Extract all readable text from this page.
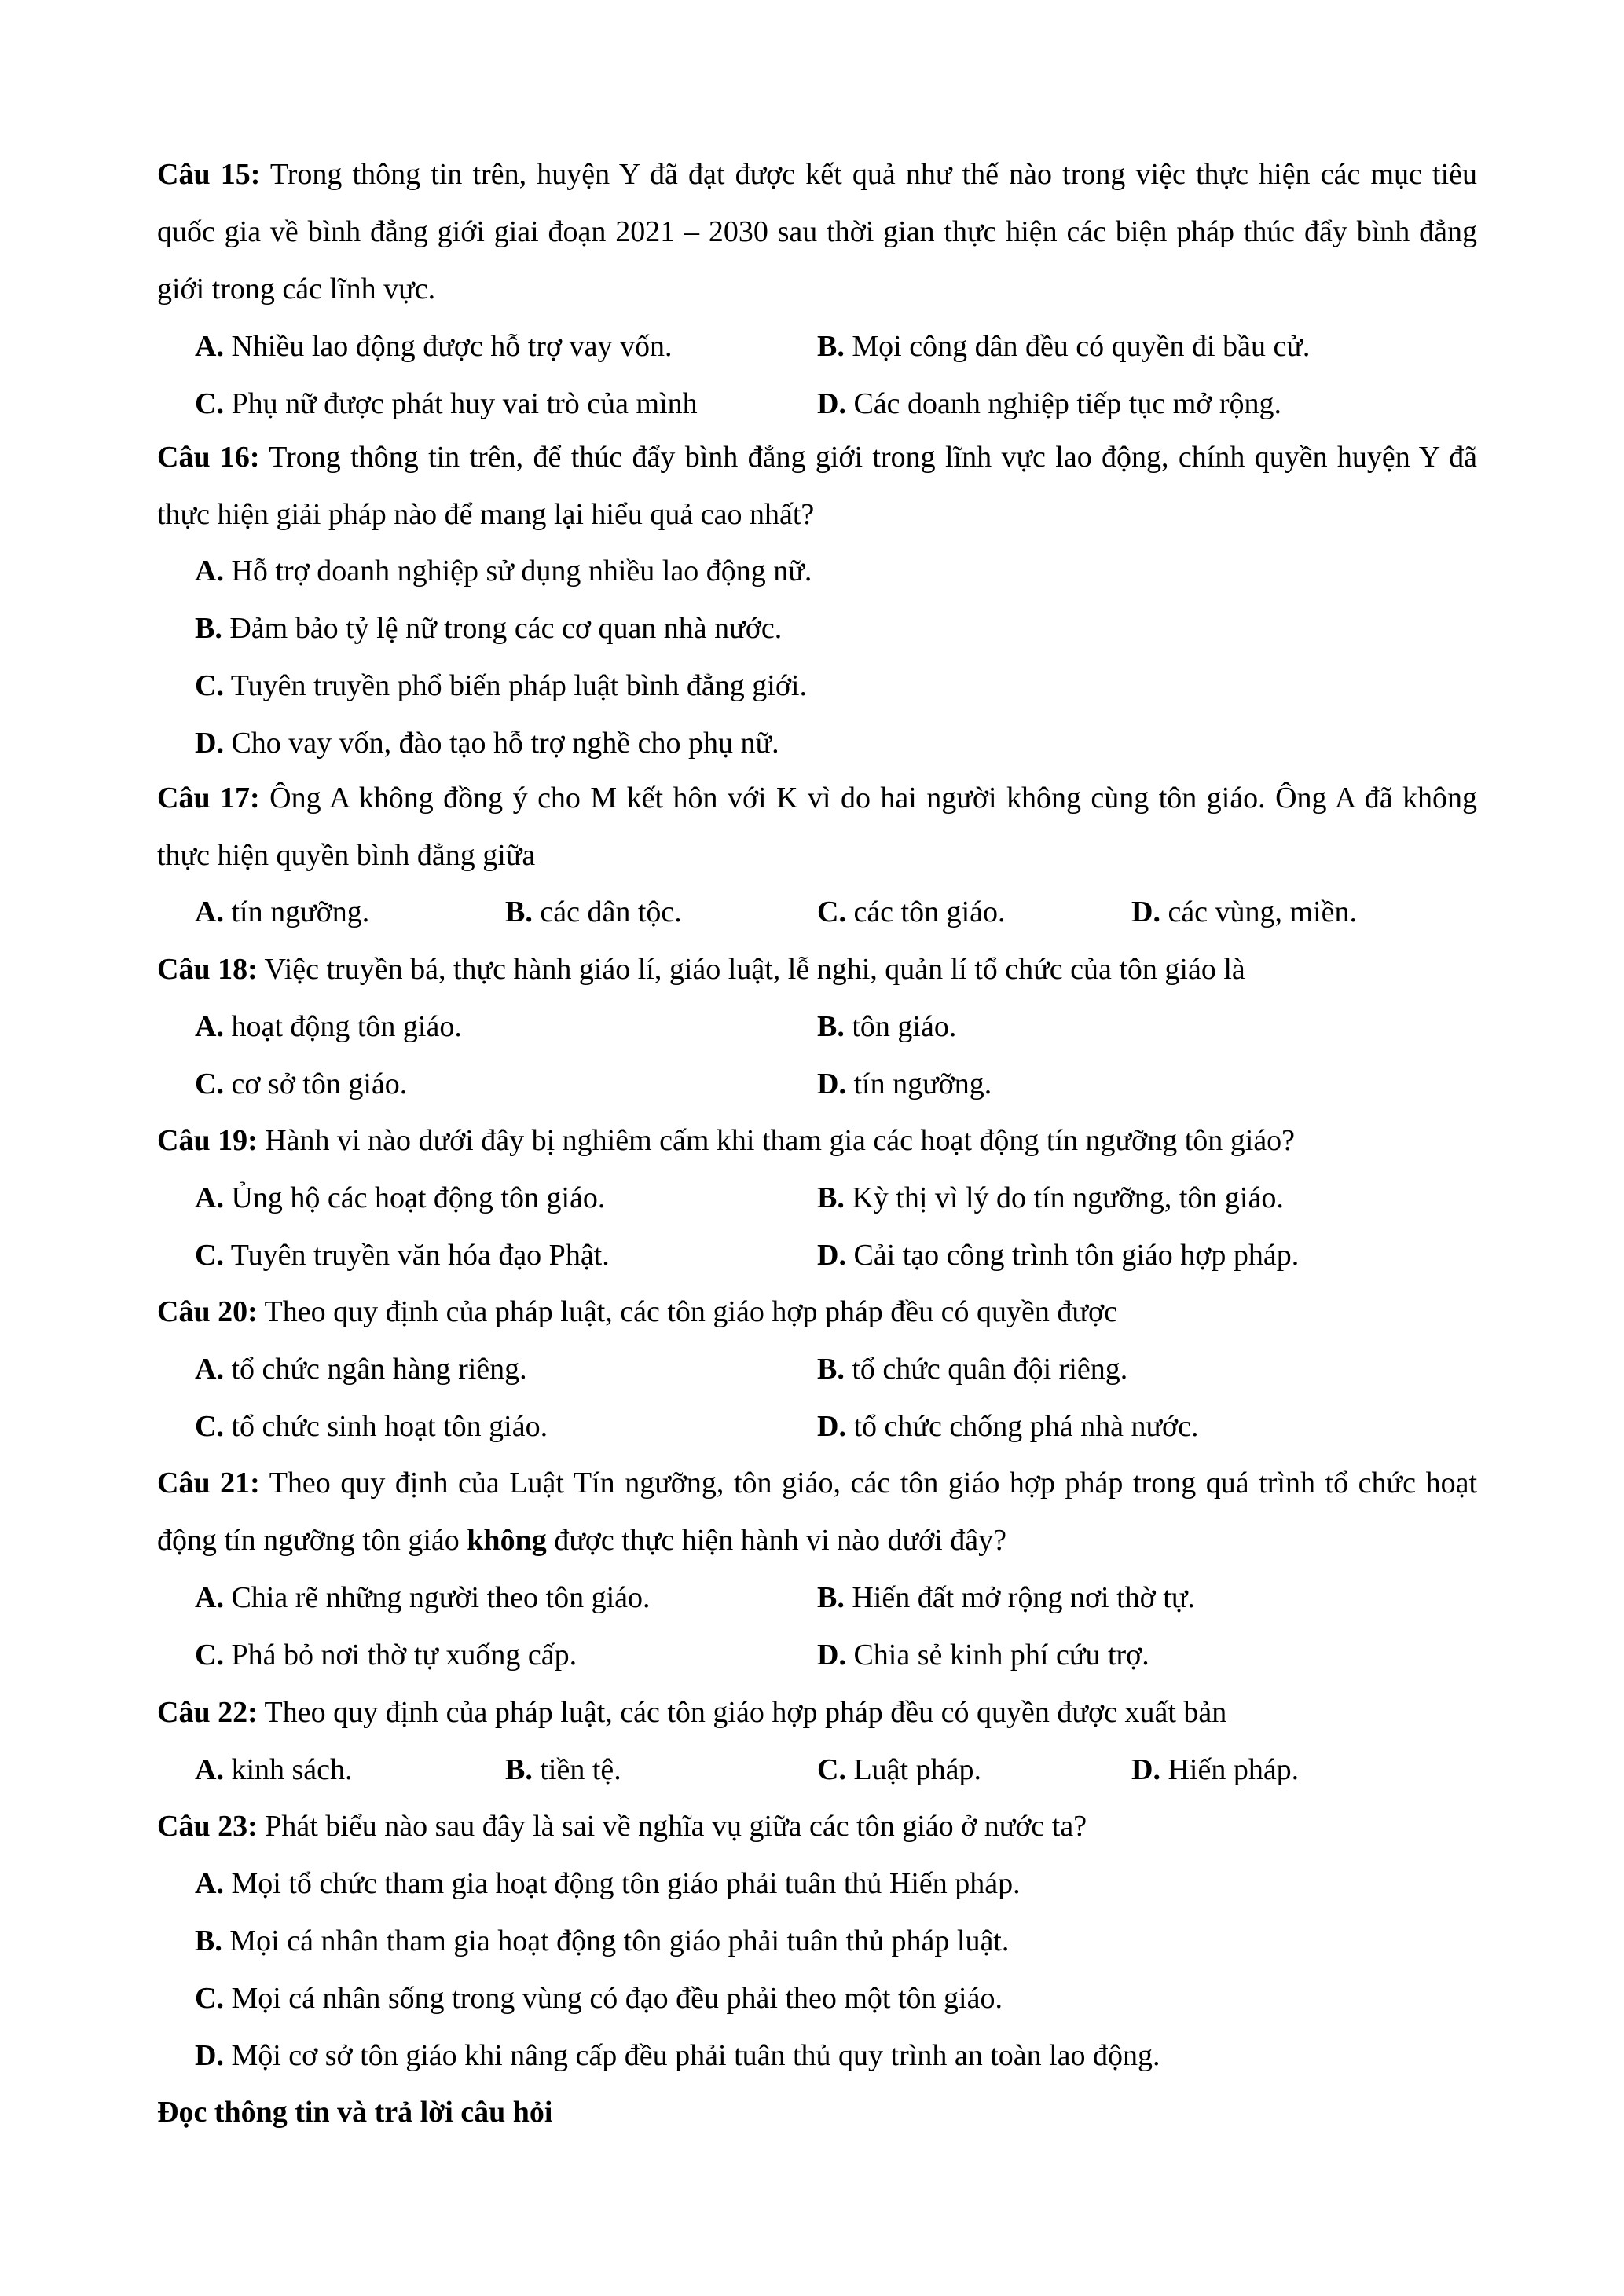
Câu 15: Trong thông tin trên, huyện Y đã đạt được kết quả như thế nào trong việc thực hiện các mục tiêu quốc gia về bình đẳng giới giai đoạn 2021 – 2030 sau thời gian thực hiện các biện pháp thúc đẩy bình đẳng giới trong các lĩnh vực.

A. Nhiều lao động được hỗ trợ vay vốn.	B. Mọi công dân đều có quyền đi bầu cử.
C. Phụ nữ được phát huy vai trò của mình	D. Các doanh nghiệp tiếp tục mở rộng.

Câu 16: Trong thông tin trên, để thúc đẩy bình đẳng giới trong lĩnh vực lao động, chính quyền huyện Y đã thực hiện giải pháp nào để mang lại hiểu quả cao nhất?

A. Hỗ trợ doanh nghiệp sử dụng nhiều lao động nữ.
B. Đảm bảo tỷ lệ nữ trong các cơ quan nhà nước.
C. Tuyên truyền phổ biến pháp luật bình đẳng giới.
D. Cho vay vốn, đào tạo hỗ trợ nghề cho phụ nữ.

Câu 17: Ông A không đồng ý cho M kết hôn với K vì do hai người không cùng tôn giáo. Ông A đã không thực hiện quyền bình đẳng giữa

A. tín ngưỡng.	B. các dân tộc.	C. các tôn giáo.	D. các vùng, miền.

Câu 18: Việc truyền bá, thực hành giáo lí, giáo luật, lễ nghi, quản lí tổ chức của tôn giáo là

A. hoạt động tôn giáo.	B. tôn giáo.
C. cơ sở tôn giáo.	D. tín ngưỡng.

Câu 19: Hành vi nào dưới đây bị nghiêm cấm khi tham gia các hoạt động tín ngưỡng tôn giáo?

A. Ủng hộ các hoạt động tôn giáo.	B. Kỳ thị vì lý do tín ngưỡng, tôn giáo.
C. Tuyên truyền văn hóa đạo Phật.	D. Cải tạo công trình tôn giáo hợp pháp.

Câu 20: Theo quy định của pháp luật, các tôn giáo hợp pháp đều có quyền được

A. tổ chức ngân hàng riêng.	B. tổ chức quân đội riêng.
C. tổ chức sinh hoạt tôn giáo.	D. tổ chức chống phá nhà nước.

Câu 21: Theo quy định của Luật Tín ngưỡng, tôn giáo, các tôn giáo hợp pháp trong quá trình tổ chức hoạt động tín ngưỡng tôn giáo không được thực hiện hành vi nào dưới đây?

A. Chia rẽ những người theo tôn giáo.	B. Hiến đất mở rộng nơi thờ tự.
C. Phá bỏ nơi thờ tự xuống cấp.	D. Chia sẻ kinh phí cứu trợ.

Câu 22: Theo quy định của pháp luật, các tôn giáo hợp pháp đều có quyền được xuất bản

A. kinh sách.	B. tiền tệ.	C. Luật pháp.	D. Hiến pháp.

Câu 23: Phát biểu nào sau đây là sai về nghĩa vụ giữa các tôn giáo ở nước ta?

A. Mọi tổ chức tham gia hoạt động tôn giáo phải tuân thủ Hiến pháp.
B. Mọi cá nhân tham gia hoạt động tôn giáo phải tuân thủ pháp luật.
C. Mọi cá nhân sống trong vùng có đạo đều phải theo một tôn giáo.
D. Mội cơ sở tôn giáo khi nâng cấp đều phải tuân thủ quy trình an toàn lao động.
Đọc thông tin và trả lời câu hỏi
